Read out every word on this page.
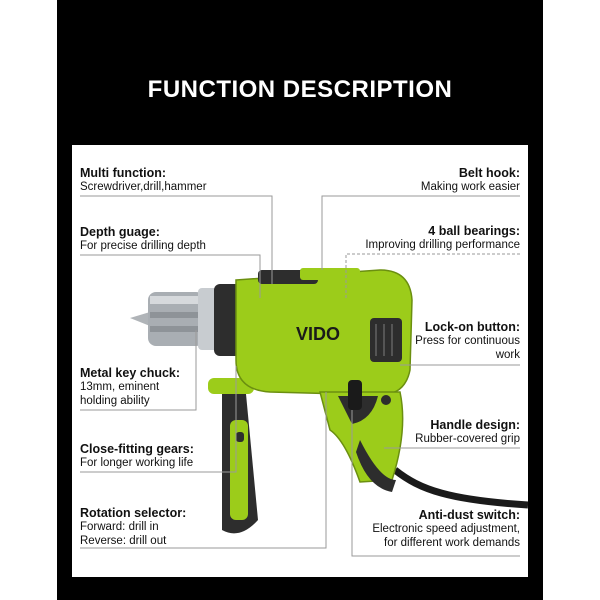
FUNCTION DESCRIPTION
VIDO
Multi function:
Screwdriver,drill,hammer
Depth guage:
For precise drilling depth
Metal key chuck:
13mm, eminent
holding ability
Close-fitting gears:
For longer working life
Rotation selector:
Forward: drill in
Reverse: drill out
Belt hook:
Making work easier
4 ball bearings:
Improving drilling performance
Lock-on button:
Press for continuous
work
Handle design:
Rubber-covered grip
Anti-dust switch:
Electronic speed adjustment,
for different work demands
